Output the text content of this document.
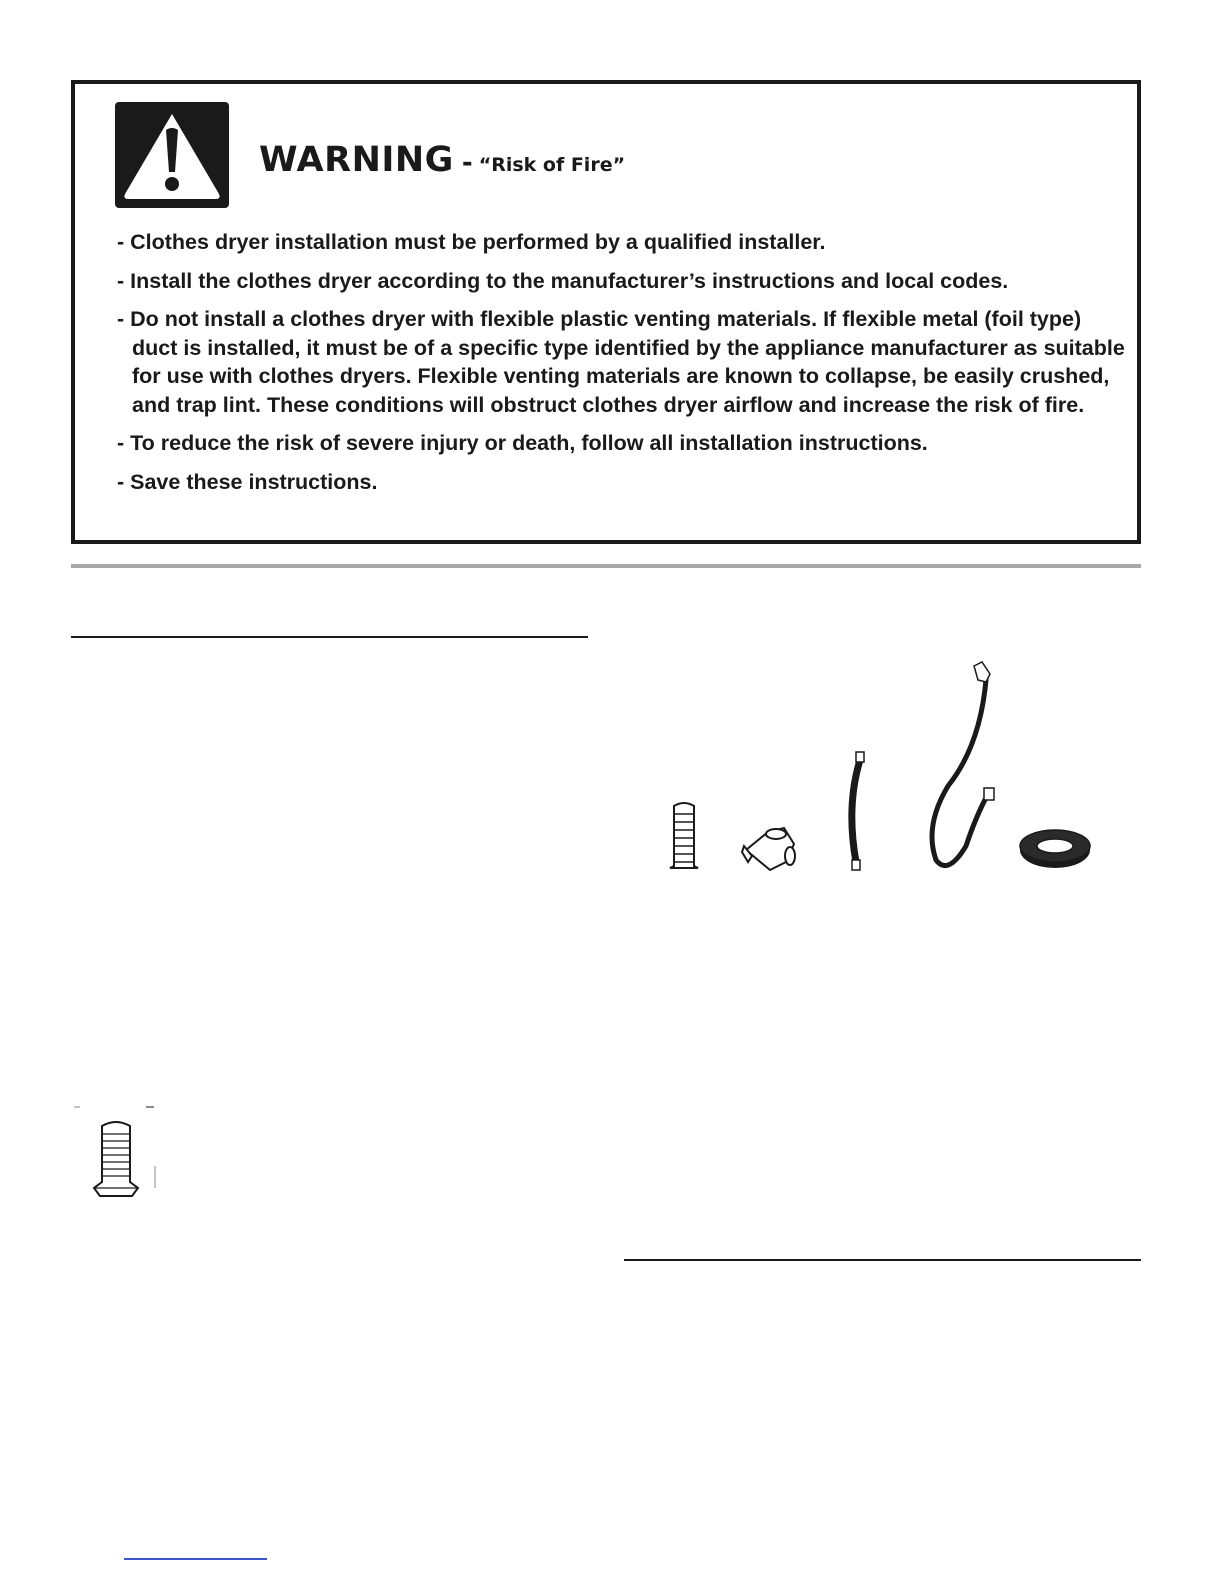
WARNING - “Risk of Fire”
- Clothes dryer installation must be performed by a qualified installer.
- Install the clothes dryer according to the manufacturer’s instructions and local codes.
- Do not install a clothes dryer with flexible plastic venting materials. If flexible metal (foil type) duct is installed, it must be of a specific type identified by the appliance manufacturer as suitable for use with clothes dryers. Flexible venting materials are known to collapse, be easily crushed, and trap lint. These conditions will obstruct clothes dryer airflow and increase the risk of fire.
- To reduce the risk of severe injury or death, follow all installation instructions.
- Save these instructions.
